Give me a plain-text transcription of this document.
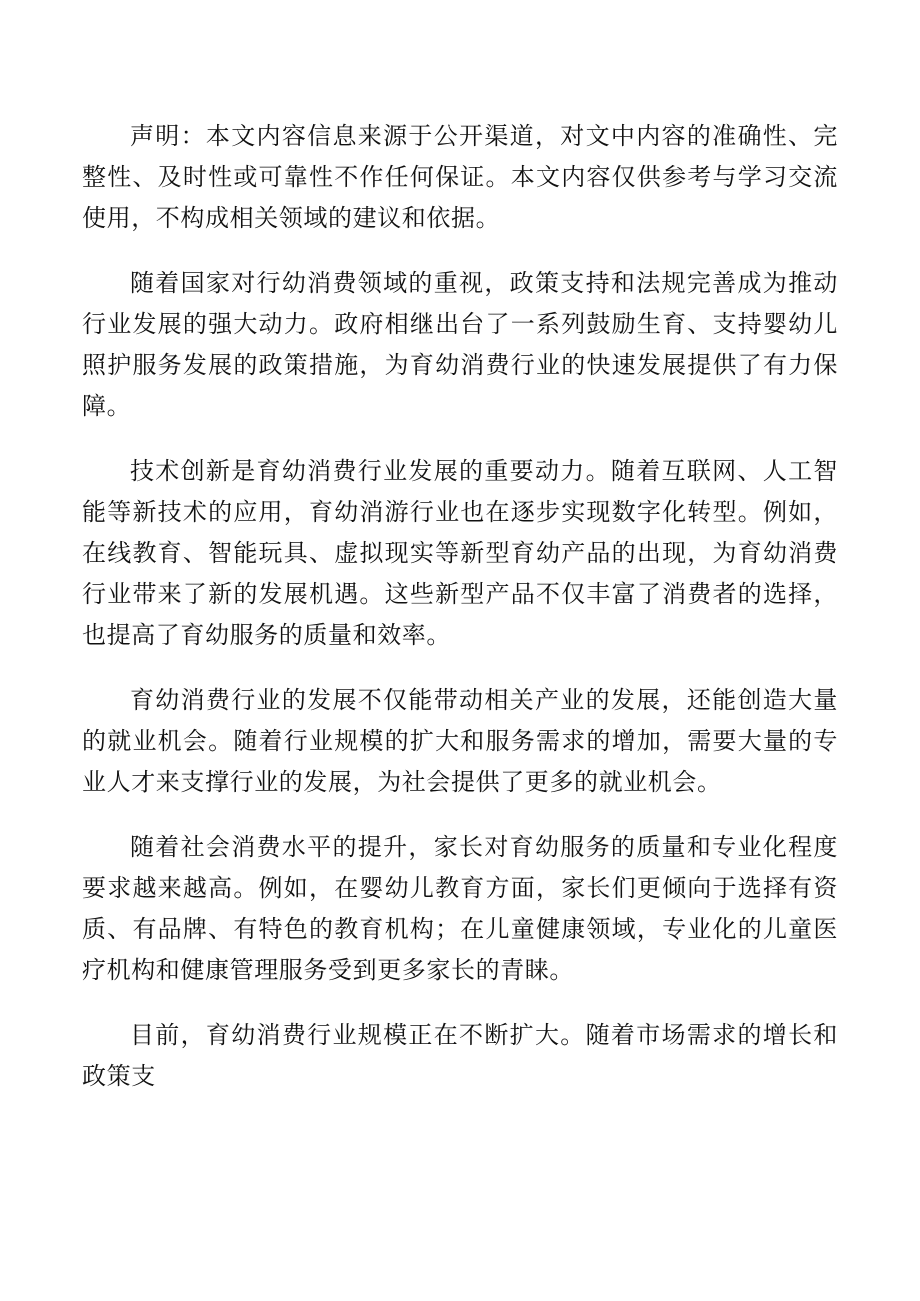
声明：本文内容信息来源于公开渠道，对文中内容的准确性、完整性、及时性或可靠性不作任何保证。本文内容仅供参考与学习交流使用，不构成相关领域的建议和依据。

随着国家对行幼消费领域的重视，政策支持和法规完善成为推动行业发展的强大动力。政府相继出台了一系列鼓励生育、支持婴幼儿照护服务发展的政策措施，为育幼消费行业的快速发展提供了有力保障。

技术创新是育幼消费行业发展的重要动力。随着互联网、人工智能等新技术的应用，育幼消游行业也在逐步实现数字化转型。例如，在线教育、智能玩具、虚拟现实等新型育幼产品的出现，为育幼消费行业带来了新的发展机遇。这些新型产品不仅丰富了消费者的选择，也提高了育幼服务的质量和效率。

育幼消费行业的发展不仅能带动相关产业的发展，还能创造大量的就业机会。随着行业规模的扩大和服务需求的增加，需要大量的专业人才来支撑行业的发展，为社会提供了更多的就业机会。

随着社会消费水平的提升，家长对育幼服务的质量和专业化程度要求越来越高。例如，在婴幼儿教育方面，家长们更倾向于选择有资质、有品牌、有特色的教育机构；在儿童健康领域，专业化的儿童医疗机构和健康管理服务受到更多家长的青睐。

目前，育幼消费行业规模正在不断扩大。随着市场需求的增长和政策支
